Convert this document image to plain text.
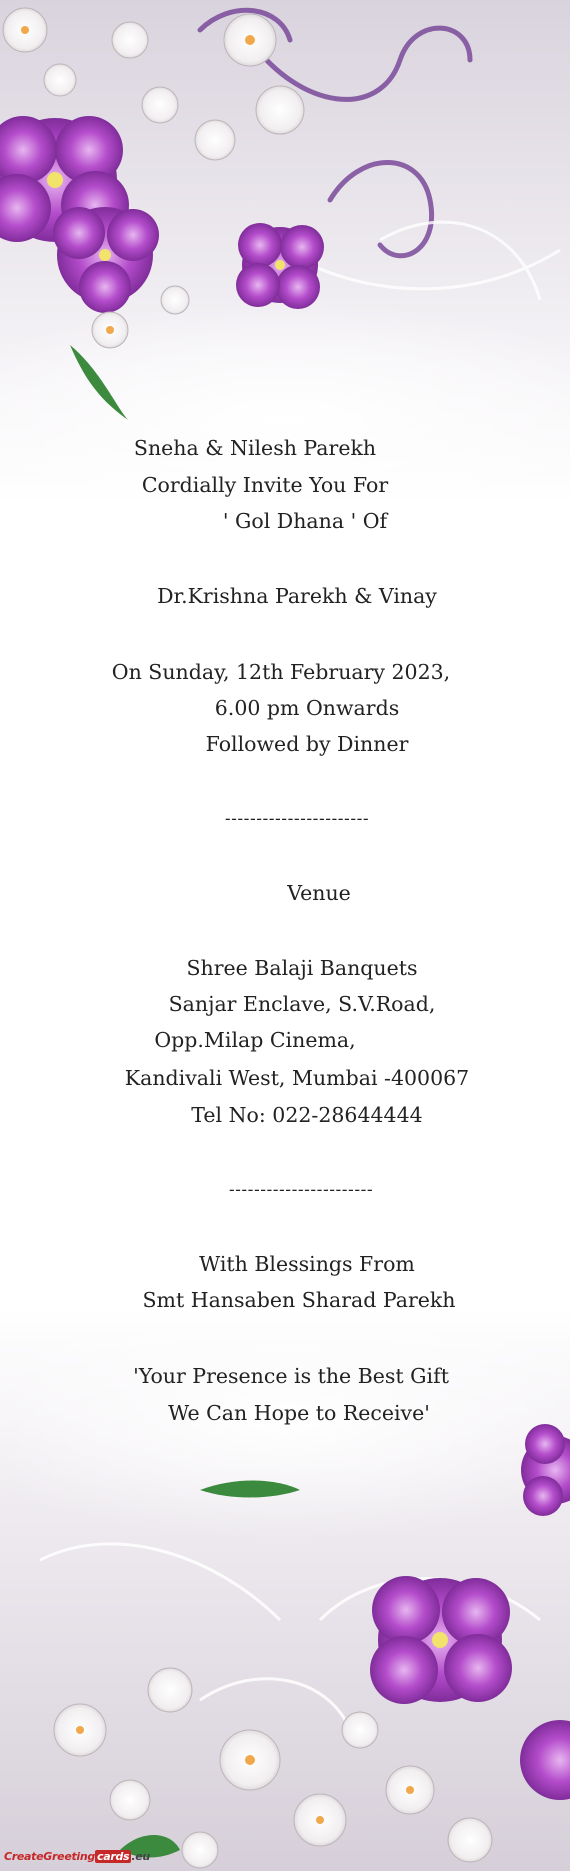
Sneha & Nilesh Parekh

Cordially Invite You For

' Gol Dhana ' Of

Dr.Krishna Parekh & Vinay

On Sunday, 12th February 2023,

6.00 pm Onwards

Followed by Dinner

-----------------------

Venue

Shree Balaji Banquets

Sanjar Enclave, S.V.Road,

Opp.Milap Cinema,

Kandivali West, Mumbai -400067

Tel No: 022-28644444

-----------------------

With Blessings From

Smt Hansaben Sharad Parekh

'Your Presence is the Best Gift

We Can Hope to Receive'

CreateGreeting cards .eu
